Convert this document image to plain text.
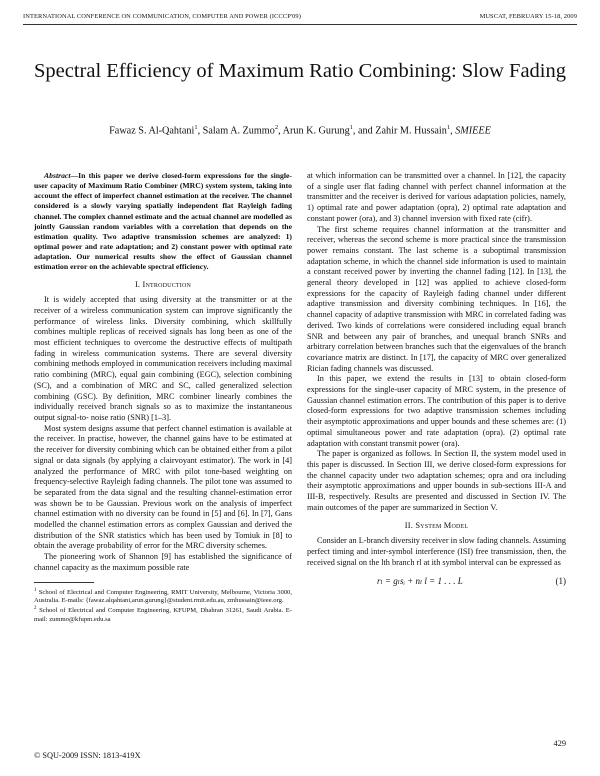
INTERNATIONAL CONFERENCE ON COMMUNICATION, COMPUTER AND POWER (ICCCP'09)	MUSCAT, FEBRUARY 15-18, 2009
Spectral Efficiency of Maximum Ratio Combining: Slow Fading
Fawaz S. Al-Qahtani$^1$, Salam A. Zummo$^2$, Arun K. Gurung$^1$, and Zahir M. Hussain$^1$, SMIEEE

Abstract—In this paper we derive closed-form expressions for the single-user capacity of Maximum Ratio Combiner (MRC) system system, taking into account the effect of imperfect channel estimation at the receiver. The channel considered is a slowly varying spatially independent flat Rayleigh fading channel. The complex channel estimate and the actual channel are modelled as jointly Gaussian random variables with a correlation that depends on the estimation quality. Two adaptive transmission schemes are analyzed: 1) optimal power and rate adaptation; and 2) constant power with optimal rate adaptation. Our numerical results show the effect of Gaussian channel estimation error on the achievable spectral efficiency.

I. Introduction

It is widely accepted that using diversity at the transmitter or at the receiver of a wireless communication system can improve significantly the performance of wireless links. Diversity combining, which skillfully combines multiple replicas of received signals has long been as one of the most efficient techniques to overcome the destructive effects of multipath fading in wireless communication systems. There are several diversity combining methods employed in communication receivers including maximal ratio combining (MRC), equal gain combining (EGC), selection combining (SC), and a combination of MRC and SC, called generalized selection combining (GSC). By definition, MRC combiner linearly combines the individually received branch signals so as to maximize the instantaneous output signal-to- noise ratio (SNR) [1–3].

Most system designs assume that perfect channel estimation is available at the receiver. In practise, however, the channel gains have to be estimated at the receiver for diversity combining which can be obtained either from a pilot signal or data signals (by applying a clairvoyant estimator). The work in [4] analyzed the performance of MRC with pilot tone-based weighting on frequency-selective Rayleigh fading channels. The pilot tone was assumed to be separated from the data signal and the resulting channel-estimation error was shown be to be Gaussian. Previous work on the analysis of imperfect channel estimation with no diversity can be found in [5] and [6]. In [7], Gans modelled the channel estimation errors as complex Gaussian and derived the distribution of the SNR statistics which has been used by Tomiuk in [8] to obtain the average probability of error for the MRC diversity schemes.

The pioneering work of Shannon [9] has established the significance of channel capacity as the maximum possible rate

$^1$ School of Electrical and Computer Engineering, RMIT University, Melbourne, Victoria 3000, Australia. E-mails: {fawaz.alqahtani,arun.gurung}@student.rmit.edu.au, zmhussain@ieee.org.
$^2$ School of Electrical and Computer Engineering, KFUPM, Dhahran 31261, Saudi Arabia. E-mail: zummo@kfupm.edu.sa

at which information can be transmitted over a channel. In [12], the capacity of a single user flat fading channel with perfect channel information at the transmitter and the receiver is derived for various adaptation policies, namely, 1) optimal rate and power adaptation (opra), 2) optimal rate adaptation and constant power (ora), and 3) channel inversion with fixed rate (cifr).

The first scheme requires channel information at the transmitter and receiver, whereas the second scheme is more practical since the transmission power remains constant. The last scheme is a suboptimal transmission adaptation scheme, in which the channel side information is used to maintain a constant received power by inverting the channel fading [12]. In [13], the general theory developed in [12] was applied to achieve closed-form expressions for the capacity of Rayleigh fading channel under different adaptive transmission and diversity combining techniques. In [16], the channel capacity of adaptive transmission with MRC in correlated fading was derived. Two kinds of correlations were considered including equal branch SNR and between any pair of branches, and unequal branch SNRs and arbitrary correlation between branches such that the eigenvalues of the branch covariance matrix are distinct. In [17], the capacity of MRC over generalized Rician fading channels was discussed.

In this paper, we extend the results in [13] to obtain closed-form expressions for the single-user capacity of MRC system, in the presence of Gaussian channel estimation errors. The contribution of this paper is to derive closed-form expressions for two adaptive transmission schemes including their asymptotic approximations and upper bounds and these schemes are: (1) optimal simultaneous power and rate adaptation (opra). (2) optimal rate adaptation with constant transmit power (ora).

The paper is organized as follows. In Section II, the system model used in this paper is discussed. In Section III, we derive closed-form expressions for the channel capacity under two adaptation schemes; opra and ora including their asymptotic approximations and upper bounds in sub-sections III-A and III-B, respectively. Results are presented and discussed in Section IV. The main outcomes of the paper are summarized in Section V.

II. System Model

Consider an L-branch diversity receiver in slow fading channels. Assuming perfect timing and inter-symbol interference (ISI) free transmission, then, the received signal on the lth branch rl at ith symbol interval can be expressed as

rₗ = gₗsᵢ + nₗ l = 1 . . . L	(1)
429
© SQU-2009 ISSN: 1813-419X
